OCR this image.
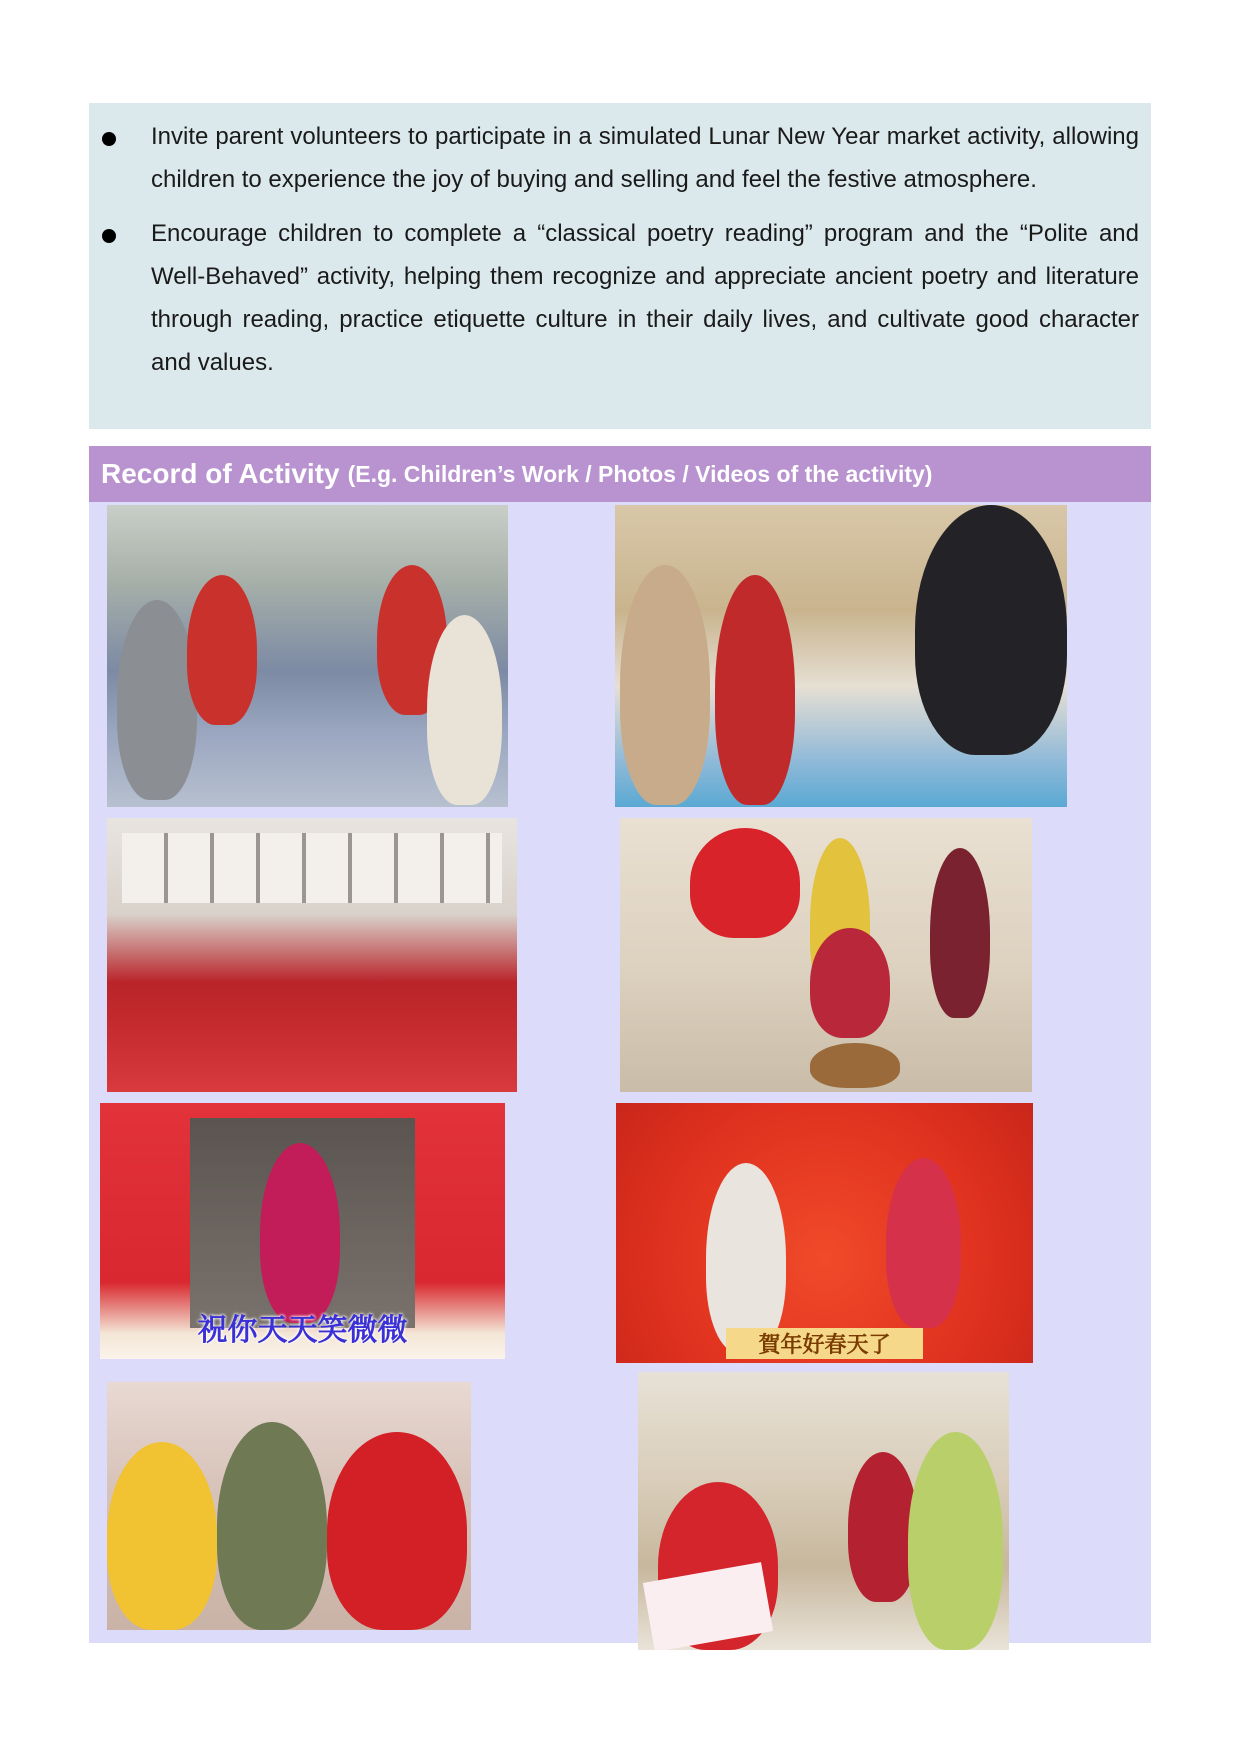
Invite parent volunteers to participate in a simulated Lunar New Year market activity, allowing children to experience the joy of buying and selling and feel the festive atmosphere.

Encourage children to complete a “classical poetry reading” program and the “Polite and Well-Behaved” activity, helping them recognize and appreciate ancient poetry and literature through reading, practice etiquette culture in their daily lives, and cultivate good character and values.

Record of Activity (E.g. Children’s Work / Photos / Videos of the activity)
祝你天天笑微微	賀年好春天了
